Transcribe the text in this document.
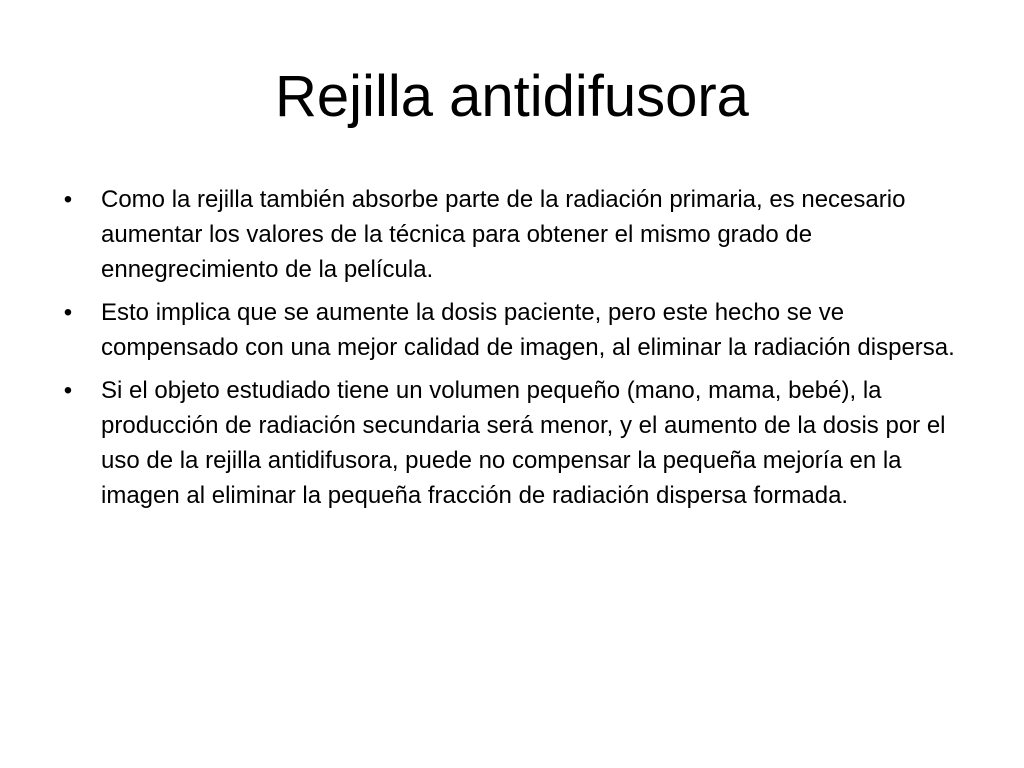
Rejilla antidifusora
• Como la rejilla también absorbe parte de la radiación primaria, es necesario aumentar los valores de la técnica para obtener el mismo grado de ennegrecimiento de la película.
• Esto implica que se aumente la dosis paciente, pero este hecho se ve compensado con una mejor calidad de imagen, al eliminar la radiación dispersa.
• Si el objeto estudiado tiene un volumen pequeño (mano, mama, bebé), la producción de radiación secundaria será menor, y el aumento de la dosis por el uso de la rejilla antidifusora, puede no compensar la pequeña mejoría en la imagen al eliminar la pequeña fracción de radiación dispersa formada.
